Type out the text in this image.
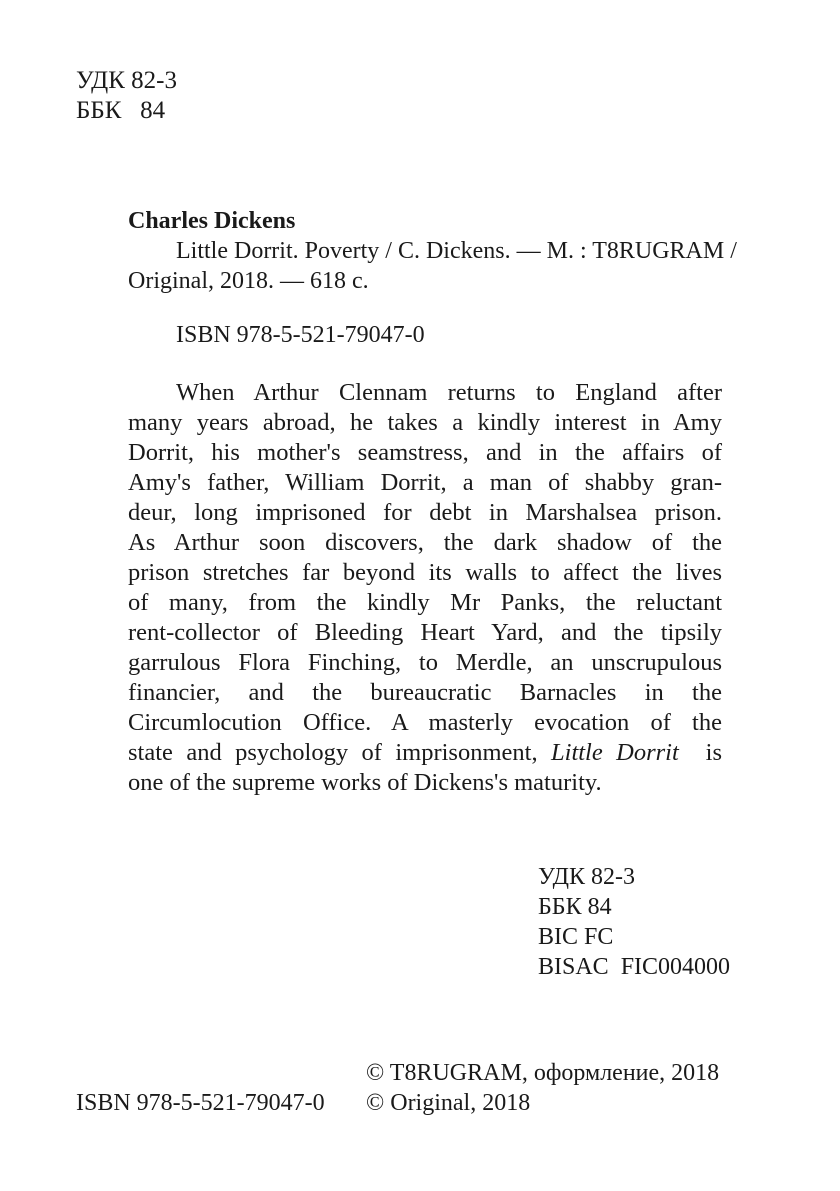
УДК 82-3
ББК   84
Charles Dickens
Little Dorrit. Poverty / C. Dickens. — M. : T8RUGRAM /
Original, 2018. — 618 с.
ISBN 978-5-521-79047-0
When Arthur Clennam returns to England after
many years abroad, he takes a kindly interest in Amy
Dorrit, his mother's seamstress, and in the affairs of
Amy's father, William Dorrit, a man of shabby gran-
deur, long imprisoned for debt in Marshalsea prison.
As Arthur soon discovers, the dark shadow of the
prison stretches far beyond its walls to affect the lives
of many, from the kindly Mr Panks, the reluctant
rent-collector of Bleeding Heart Yard, and the tipsily
garrulous Flora Finching, to Merdle, an unscrupulous
financier, and the bureaucratic Barnacles in the
Circumlocution Office. A masterly evocation of the
state and psychology of imprisonment, Little Dorrit  is
one of the supreme works of Dickens's maturity.
УДК 82-3
ББК 84
BIC FC
BISAC  FIC004000
© T8RUGRAM, оформление, 2018
© Original, 2018
ISBN 978-5-521-79047-0
